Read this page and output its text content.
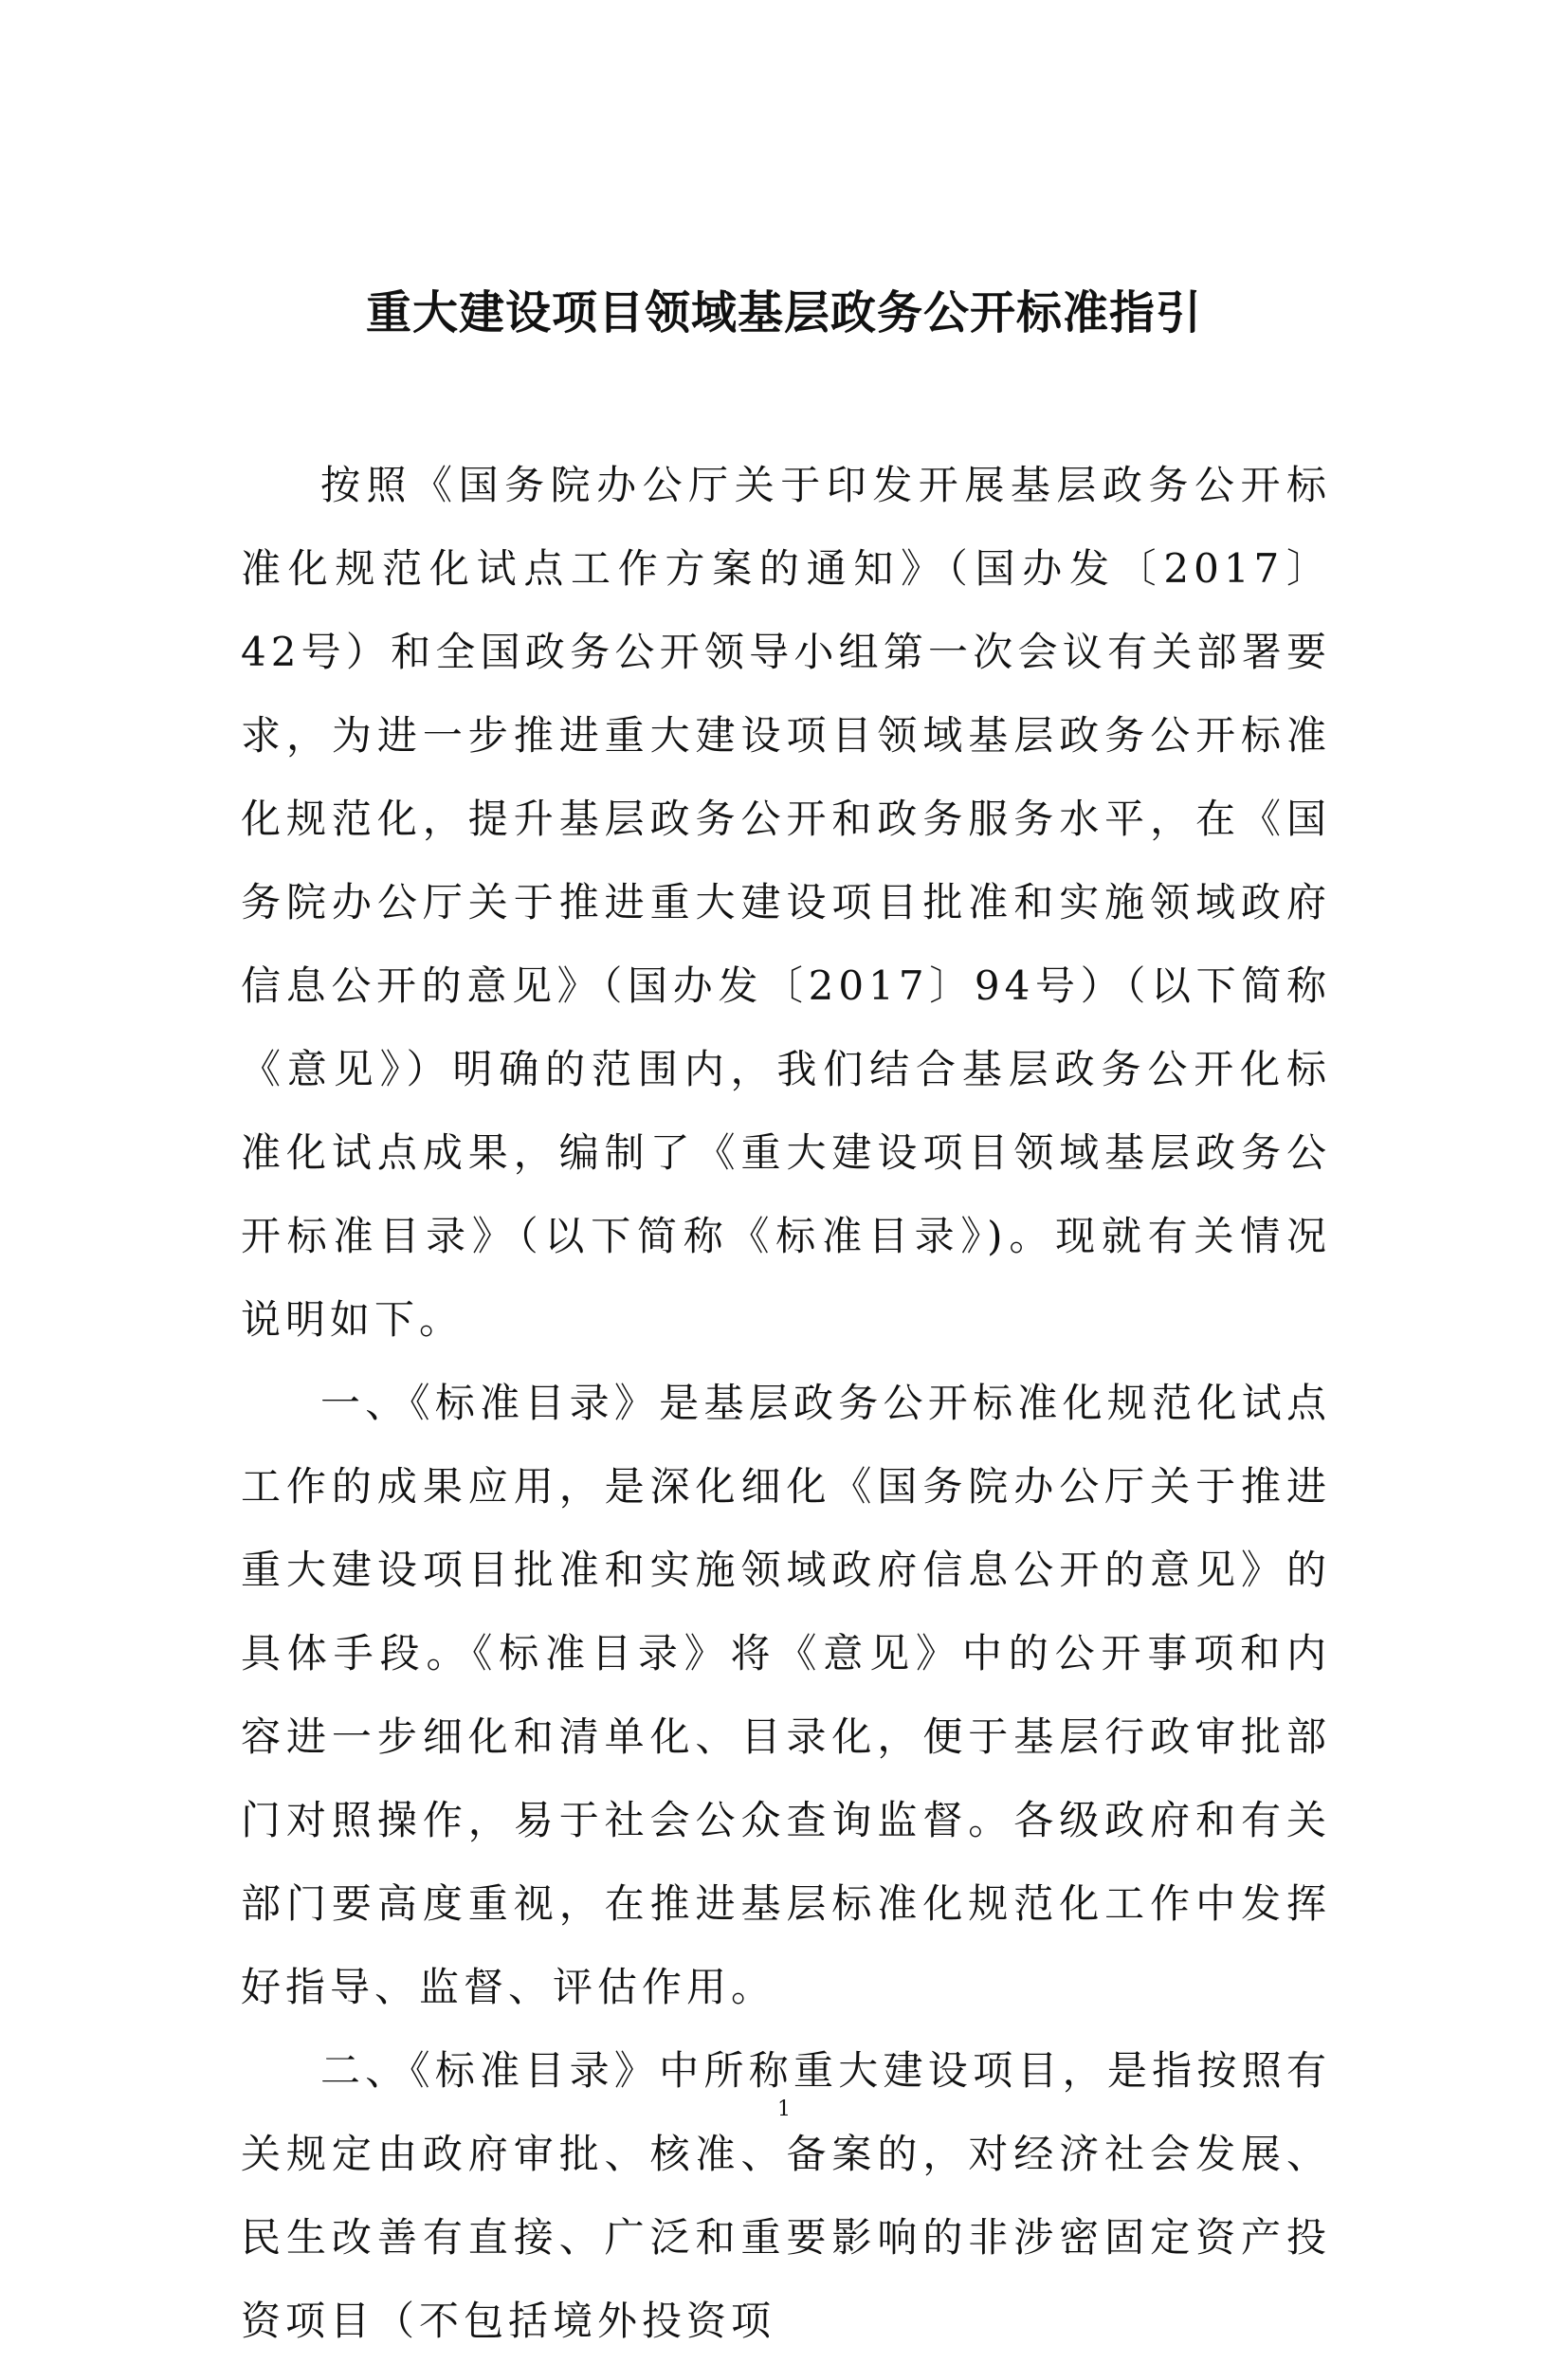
重大建设项目领域基层政务公开标准指引

按照《国务院办公厅关于印发开展基层政务公开标准化规范化试点工作方案的通知》（国办发〔2017〕42号）和全国政务公开领导小组第一次会议有关部署要求，为进一步推进重大建设项目领域基层政务公开标准化规范化，提升基层政务公开和政务服务水平，在《国务院办公厅关于推进重大建设项目批准和实施领域政府信息公开的意见》（国办发〔2017〕94号）（以下简称《意见》）明确的范围内，我们结合基层政务公开化标准化试点成果，编制了《重大建设项目领域基层政务公开标准目录》（以下简称《标准目录》)。现就有关情况说明如下。

一、《标准目录》是基层政务公开标准化规范化试点工作的成果应用，是深化细化《国务院办公厅关于推进重大建设项目批准和实施领域政府信息公开的意见》的具体手段。《标准目录》将《意见》中的公开事项和内容进一步细化和清单化、目录化，便于基层行政审批部门对照操作，易于社会公众查询监督。各级政府和有关部门要高度重视，在推进基层标准化规范化工作中发挥好指导、监督、评估作用。

二、《标准目录》中所称重大建设项目，是指按照有关规定由政府审批、核准、备案的，对经济社会发展、民生改善有直接、广泛和重要影响的非涉密固定资产投资项目（不包括境外投资项

1
